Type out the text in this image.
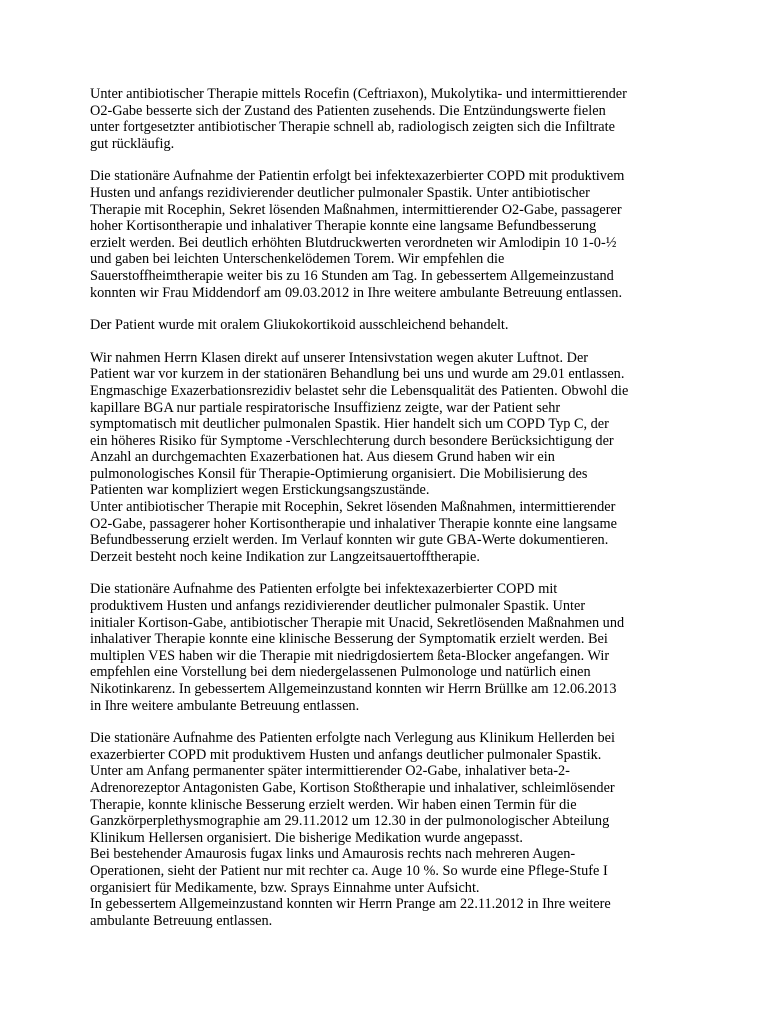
Unter antibiotischer Therapie mittels Rocefin (Ceftriaxon), Mukolytika- und intermittierender
O2-Gabe besserte sich der Zustand des Patienten zusehends. Die Entzündungswerte fielen
unter fortgesetzter antibiotischer Therapie schnell ab, radiologisch zeigten sich die Infiltrate
gut rückläufig.
Die stationäre Aufnahme der Patientin erfolgt bei infektexazerbierter COPD mit produktivem
Husten und anfangs rezidivierender deutlicher pulmonaler Spastik. Unter antibiotischer
Therapie mit Rocephin, Sekret lösenden Maßnahmen, intermittierender O2-Gabe, passagerer
hoher Kortisontherapie und inhalativer Therapie konnte eine langsame Befundbesserung
erzielt werden. Bei deutlich erhöhten Blutdruckwerten verordneten wir Amlodipin 10 1-0-½
und gaben bei leichten Unterschenkelödemen Torem. Wir empfehlen die
Sauerstoffheimtherapie weiter bis zu 16 Stunden am Tag. In gebessertem Allgemeinzustand
konnten wir Frau Middendorf am 09.03.2012 in Ihre weitere ambulante Betreuung entlassen.
Der Patient wurde mit oralem Gliukokortikoid ausschleichend behandelt.
Wir nahmen Herrn Klasen direkt auf unserer Intensivstation wegen akuter Luftnot. Der
Patient war vor kurzem in der stationären Behandlung bei uns und wurde am 29.01 entlassen.
Engmaschige Exazerbationsrezidiv belastet sehr die Lebensqualität des Patienten. Obwohl die
kapillare BGA nur partiale respiratorische Insuffizienz zeigte, war der Patient sehr
symptomatisch mit deutlicher pulmonalen Spastik. Hier handelt sich um COPD Typ C, der
ein höheres Risiko für Symptome -Verschlechterung durch besondere Berücksichtigung der
Anzahl an durchgemachten Exazerbationen hat. Aus diesem Grund haben wir ein
pulmonologisches Konsil für Therapie-Optimierung organisiert. Die Mobilisierung des
Patienten war kompliziert wegen Erstickungsangszustände.
Unter antibiotischer Therapie mit Rocephin, Sekret lösenden Maßnahmen, intermittierender
O2-Gabe, passagerer hoher Kortisontherapie und inhalativer Therapie konnte eine langsame
Befundbesserung erzielt werden. Im Verlauf konnten wir gute GBA-Werte dokumentieren.
Derzeit besteht noch keine Indikation zur Langzeitsauertofftherapie.
Die stationäre Aufnahme des Patienten erfolgte bei infektexazerbierter COPD mit
produktivem Husten und anfangs rezidivierender deutlicher pulmonaler Spastik. Unter
initialer Kortison-Gabe, antibiotischer Therapie mit Unacid, Sekretlösenden Maßnahmen und
inhalativer Therapie konnte eine klinische Besserung der Symptomatik erzielt werden. Bei
multiplen VES haben wir die Therapie mit niedrigdosiertem ßeta-Blocker angefangen. Wir
empfehlen eine Vorstellung bei dem niedergelassenen Pulmonologe und natürlich einen
Nikotinkarenz. In gebessertem Allgemeinzustand konnten wir Herrn Brüllke am 12.06.2013
in Ihre weitere ambulante Betreuung entlassen.
Die stationäre Aufnahme des Patienten erfolgte nach Verlegung aus Klinikum Hellerden bei
exazerbierter COPD mit produktivem Husten und anfangs deutlicher pulmonaler Spastik.
Unter am Anfang permanenter später intermittierender O2-Gabe, inhalativer beta-2-
Adrenorezeptor Antagonisten Gabe, Kortison Stoßtherapie und inhalativer, schleimlösender
Therapie, konnte klinische Besserung erzielt werden. Wir haben einen Termin für die
Ganzkörperplethysmographie am 29.11.2012 um 12.30 in der pulmonologischer Abteilung
Klinikum Hellersen organisiert. Die bisherige Medikation wurde angepasst.
Bei bestehender Amaurosis fugax links und Amaurosis rechts nach mehreren Augen-
Operationen, sieht der Patient nur mit rechter ca. Auge 10 %. So wurde eine Pflege-Stufe I
organisiert für Medikamente, bzw. Sprays Einnahme unter Aufsicht.
In gebessertem Allgemeinzustand konnten wir Herrn Prange am 22.11.2012 in Ihre weitere
ambulante Betreuung entlassen.
